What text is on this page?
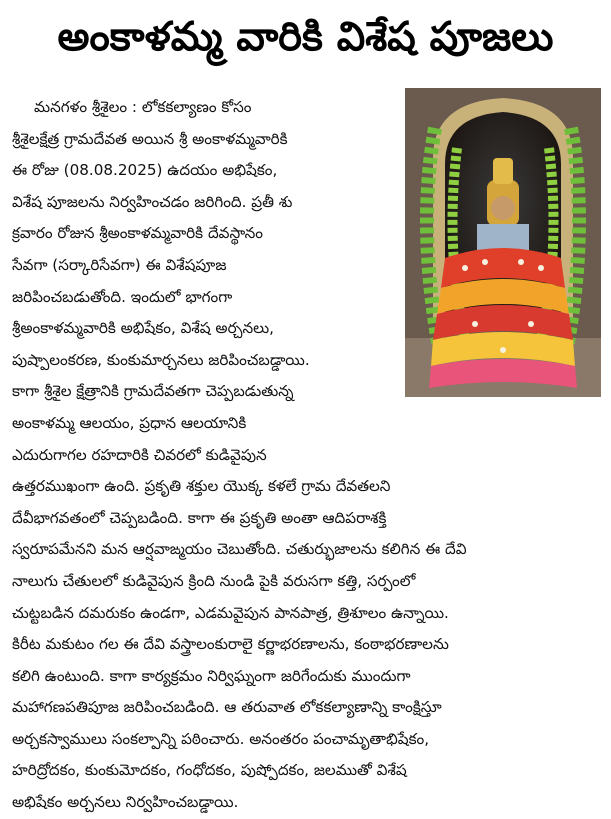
అంకాళమ్మ వారికి విశేష పూజలు
మనగళం శ్రీశైలం : లోకకల్యాణం కోసం
శ్రీశైలక్షేత్ర గ్రామదేవత అయిన శ్రీ అంకాళమ్మవారికి
ఈ రోజు (08.08.2025) ఉదయం అభిషేకం,
విశేష పూజలను నిర్వహించడం జరిగింది. ప్రతీ శు
క్రవారం రోజున శ్రీఅంకాళమ్మవారికి దేవస్థానం
సేవగా (సర్కారిసేవగా) ఈ విశేషపూజ
జరిపించబడుతోంది. ఇందులో భాగంగా
శ్రీఅంకాళమ్మవారికి అభిషేకం, విశేష అర్చనలు,
పుష్పాలంకరణ, కుంకుమార్చనలు జరిపించబడ్డాయి.
కాగా శ్రీశైల క్షేత్రానికి గ్రామదేవతగా చెప్పబడుతున్న
అంకాళమ్మ ఆలయం, ప్రధాన ఆలయానికి
ఎదురుగాగల రహదారికి చివరలో కుడివైపున
ఉత్తరముఖంగా ఉంది. ప్రకృతి శక్తుల యొక్క కళలే గ్రామ దేవతలని
దేవీభాగవతంలో చెప్పబడింది. కాగా ఈ ప్రకృతి అంతా ఆదిపరాశక్తి
స్వరూపమేనని మన ఆర్షవాఙ్మయం చెబుతోంది. చతుర్భుజాలను కలిగిన ఈ దేవి
నాలుగు చేతులలో కుడివైపున క్రింది నుండి పైకి వరుసగా కత్తి, సర్పంలో
చుట్టబడిన దమరుకం ఉండగా, ఎడమవైపున పానపాత్ర, త్రిశూలం ఉన్నాయి.
కిరీట మకుటం గల ఈ దేవి వస్త్రాలంకురాలై కర్ణాభరణాలను, కంఠాభరణాలను
కలిగి ఉంటుంది. కాగా కార్యక్రమం నిర్విఘ్నంగా జరిగేందుకు ముందుగా
మహాగణపతిపూజ జరిపించబడింది. ఆ తరువాత లోకకల్యాణాన్ని కాంక్షిస్తూ
అర్చకస్వాములు సంకల్పాన్ని పఠించారు. అనంతరం పంచామృతాభిషేకం,
హరిద్రోదకం, కుంకుమోదకం, గంధోదకం, పుష్పోదకం, జలముతో విశేష
అభిషేకం అర్చనలు నిర్వహించబడ్డాయి.
